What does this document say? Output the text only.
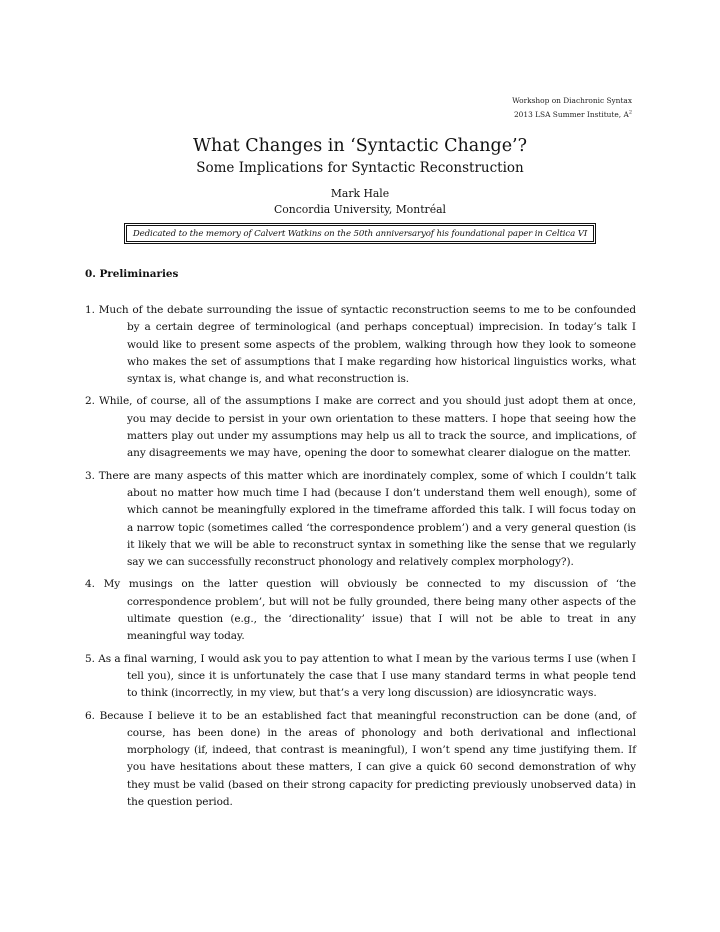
Workshop on Diachronic Syntax
2013 LSA Summer Institute, $A^2$
What Changes in ‘Syntactic Change’?
Some Implications for Syntactic Reconstruction
Mark Hale
Concordia University, Montréal
Dedicated to the memory of Calvert Watkins on the 50th anniversaryof his foundational paper in Celtica VI
0. Preliminaries

1. Much of the debate surrounding the issue of syntactic reconstruction seems to me to be confounded by a certain degree of terminological (and perhaps conceptual) imprecision. In today’s talk I would like to present some aspects of the problem, walking through how they look to someone who makes the set of assumptions that I make regarding how historical linguistics works, what syntax is, what change is, and what reconstruction is.

2. While, of course, all of the assumptions I make are correct and you should just adopt them at once, you may decide to persist in your own orientation to these matters. I hope that seeing how the matters play out under my assumptions may help us all to track the source, and implications, of any disagreements we may have, opening the door to somewhat clearer dialogue on the matter.

3. There are many aspects of this matter which are inordinately complex, some of which I couldn’t talk about no matter how much time I had (because I don’t understand them well enough), some of which cannot be meaningfully explored in the timeframe afforded this talk. I will focus today on a narrow topic (sometimes called ‘the correspondence problem’) and a very general question (is it likely that we will be able to reconstruct syntax in something like the sense that we regularly say we can successfully reconstruct phonology and relatively complex morphology?).

4. My musings on the latter question will obviously be connected to my discussion of ‘the correspondence problem’, but will not be fully grounded, there being many other aspects of the ultimate question (e.g., the ‘directionality’ issue) that I will not be able to treat in any meaningful way today.

5. As a final warning, I would ask you to pay attention to what I mean by the various terms I use (when I tell you), since it is unfortunately the case that I use many standard terms in what people tend to think (incorrectly, in my view, but that’s a very long discussion) are idiosyncratic ways.

6. Because I believe it to be an established fact that meaningful reconstruction can be done (and, of course, has been done) in the areas of phonology and both derivational and inflectional morphology (if, indeed, that contrast is meaningful), I won’t spend any time justifying them. If you have hesitations about these matters, I can give a quick 60 second demonstration of why they must be valid (based on their strong capacity for predicting previously unobserved data) in the question period.
